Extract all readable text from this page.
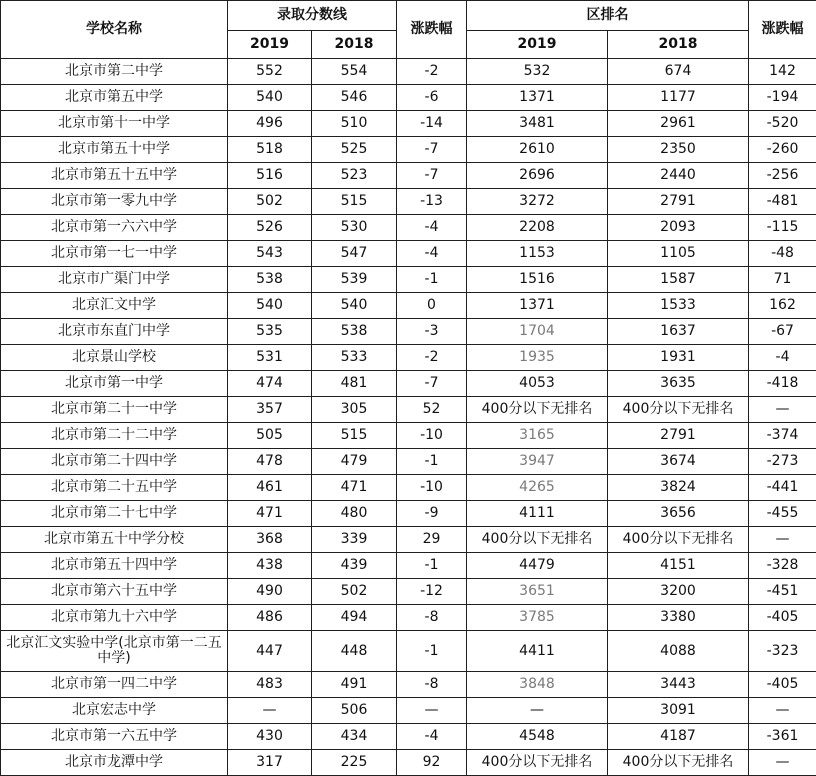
学校名称	录取分数线		涨跌幅	区排名		涨跌幅
	2019	2018		2019	2018	
北京市第二中学	552	554	-2	532	674	142
北京市第五中学	540	546	-6	1371	1177	-194
北京市第十一中学	496	510	-14	3481	2961	-520
北京市第五十中学	518	525	-7	2610	2350	-260
北京市第五十五中学	516	523	-7	2696	2440	-256
北京市第一零九中学	502	515	-13	3272	2791	-481
北京市第一六六中学	526	530	-4	2208	2093	-115
北京市第一七一中学	543	547	-4	1153	1105	-48
北京市广渠门中学	538	539	-1	1516	1587	71
北京汇文中学	540	540	0	1371	1533	162
北京市东直门中学	535	538	-3	1704	1637	-67
北京景山学校	531	533	-2	1935	1931	-4
北京市第一中学	474	481	-7	4053	3635	-418
北京市第二十一中学	357	305	52	400分以下无排名	400分以下无排名	—
北京市第二十二中学	505	515	-10	3165	2791	-374
北京市第二十四中学	478	479	-1	3947	3674	-273
北京市第二十五中学	461	471	-10	4265	3824	-441
北京市第二十七中学	471	480	-9	4111	3656	-455
北京市第五十中学分校	368	339	29	400分以下无排名	400分以下无排名	—
北京市第五十四中学	438	439	-1	4479	4151	-328
北京市第六十五中学	490	502	-12	3651	3200	-451
北京市第九十六中学	486	494	-8	3785	3380	-405
北京汇文实验中学(北京市第一二五中学)	447	448	-1	4411	4088	-323
北京市第一四二中学	483	491	-8	3848	3443	-405
北京宏志中学	—	506	—	—	3091	—
北京市第一六五中学	430	434	-4	4548	4187	-361
北京市龙潭中学	317	225	92	400分以下无排名	400分以下无排名	—
